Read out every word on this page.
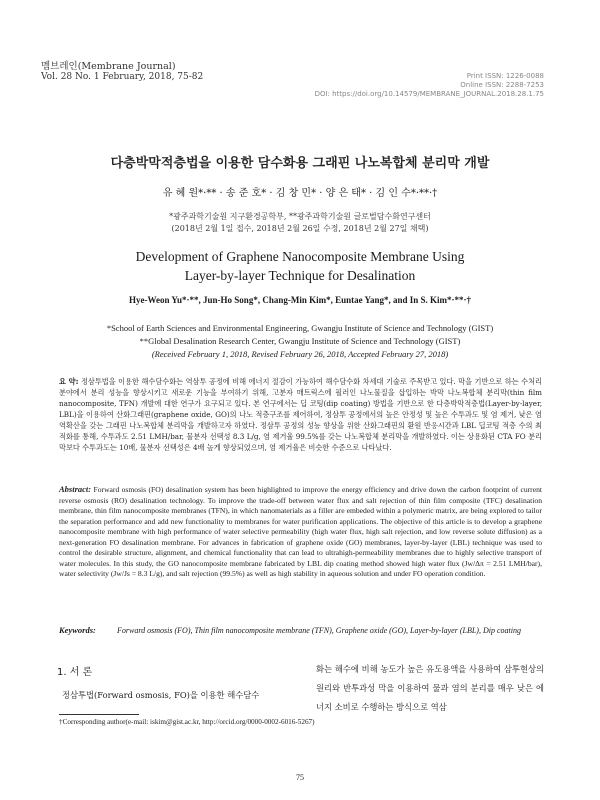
멤브레인(Membrane Journal)
Vol. 28 No. 1 February, 2018, 75-82	Print ISSN: 1226-0088
Online ISSN: 2288-7253
DOI: https://doi.org/10.14579/MEMBRANE_JOURNAL.2018.28.1.75
다층박막적층법을 이용한 담수화용 그래핀 나노복합체 분리막 개발
유 혜 원*·** · 송 준 호* · 김 창 민* · 양 은 태* · 김 인 수*·**·†
*광주과학기술원 지구환경공학부, **광주과학기술원 글로벌담수화연구센터
(2018년 2월 1일 접수, 2018년 2월 26일 수정, 2018년 2월 27일 채택)
Development of Graphene Nanocomposite Membrane Using
Layer-by-layer Technique for Desalination
Hye-Weon Yu*·**, Jun-Ho Song*, Chang-Min Kim*, Euntae Yang*, and In S. Kim*·**·†
*School of Earth Sciences and Environmental Engineering, Gwangju Institute of Science and Technology (GIST)
**Global Desalination Research Center, Gwangju Institute of Science and Technology (GIST)
(Received February 1, 2018, Revised February 26, 2018, Accepted February 27, 2018)
요 약: 정삼투법을 이용한 해수담수화는 역삼투 공정에 비해 에너지 절감이 가능하여 해수담수화 차세대 기술로 주목받고 있다. 막을 기반으로 하는 수처리 분야에서 분리 성능을 향상시키고 새로운 기능을 부여하기 위해, 고분자 매트릭스에 필러인 나노물질을 삽입하는 박막 나노복합체 분리막(thin film nanocomposite, TFN) 개발에 대한 연구가 요구되고 있다. 본 연구에서는 딥 코팅(dip coating) 방법을 기반으로 한 다층박막적층법(Layer-by-layer, LBL)을 이용하여 산화그래핀(graphene oxide, GO)의 나노 적층구조를 제어하여, 정삼투 공정에서의 높은 안정성 및 높은 수투과도 및 염 제거, 낮은 염 역확산을 갖는 그래핀 나노복합체 분리막을 개발하고자 하였다. 정삼투 공정의 성능 향상을 위한 산화그래핀의 환원 반응시간과 LBL 딥코팅 적층 수의 최적화를 통해, 수투과도 2.51 LMH/bar, 물분자 선택성 8.3 L/g, 염 제거율 99.5%를 갖는 나노복합체 분리막을 개발하였다. 이는 상용화된 CTA FO 분리막보다 수투과도는 10배, 물분자 선택성은 4배 높게 향상되었으며, 염 제거율은 비슷한 수준으로 나타났다.
Abstract: Forward osmosis (FO) desalination system has been highlighted to improve the energy efficiency and drive down the carbon footprint of current reverse osmosis (RO) desalination technology. To improve the trade-off between water flux and salt rejection of thin film composite (TFC) desalination membrane, thin film nanocomposite membranes (TFN), in which nanomaterials as a filler are embeded within a polymeric matrix, are being explored to tailor the separation performance and add new functionality to membranes for water purification applications. The objective of this article is to develop a graphene nanocomposite membrane with high performance of water selective permeability (high water flux, high salt rejection, and low reverse solute diffusion) as a next-generation FO desalination membrane. For advances in fabrication of graphene oxide (GO) membranes, layer-by-layer (LBL) technique was used to control the desirable structure, alignment, and chemical functionality that can lead to ultrahigh-permeability membranes due to highly selective transport of water molecules. In this study, the GO nanocomposite membrane fabricated by LBL dip coating method showed high water flux (Jw/Δπ = 2.51 LMH/bar), water selectivity (Jw/Js = 8.3 L/g), and salt rejection (99.5%) as well as high stability in aqueous solution and under FO operation condition.
Keywords:	Forward osmosis (FO), Thin film nanocomposite membrane (TFN), Graphene oxide (GO), Layer-by-layer (LBL), Dip coating
1. 서 론
정삼투법(Forward osmosis, FO)을 이용한 해수담수
화는 해수에 비해 농도가 높은 유도용액을 사용하여 삼투현상의 원리와 반투과성 막을 이용하여 물과 염의 분리를 매우 낮은 에너지 소비로 수행하는 방식으로 역삼
†Corresponding author(e-mail: iskim@gist.ac.kr, http://orcid.org/0000-0002-6016-5267)
75
